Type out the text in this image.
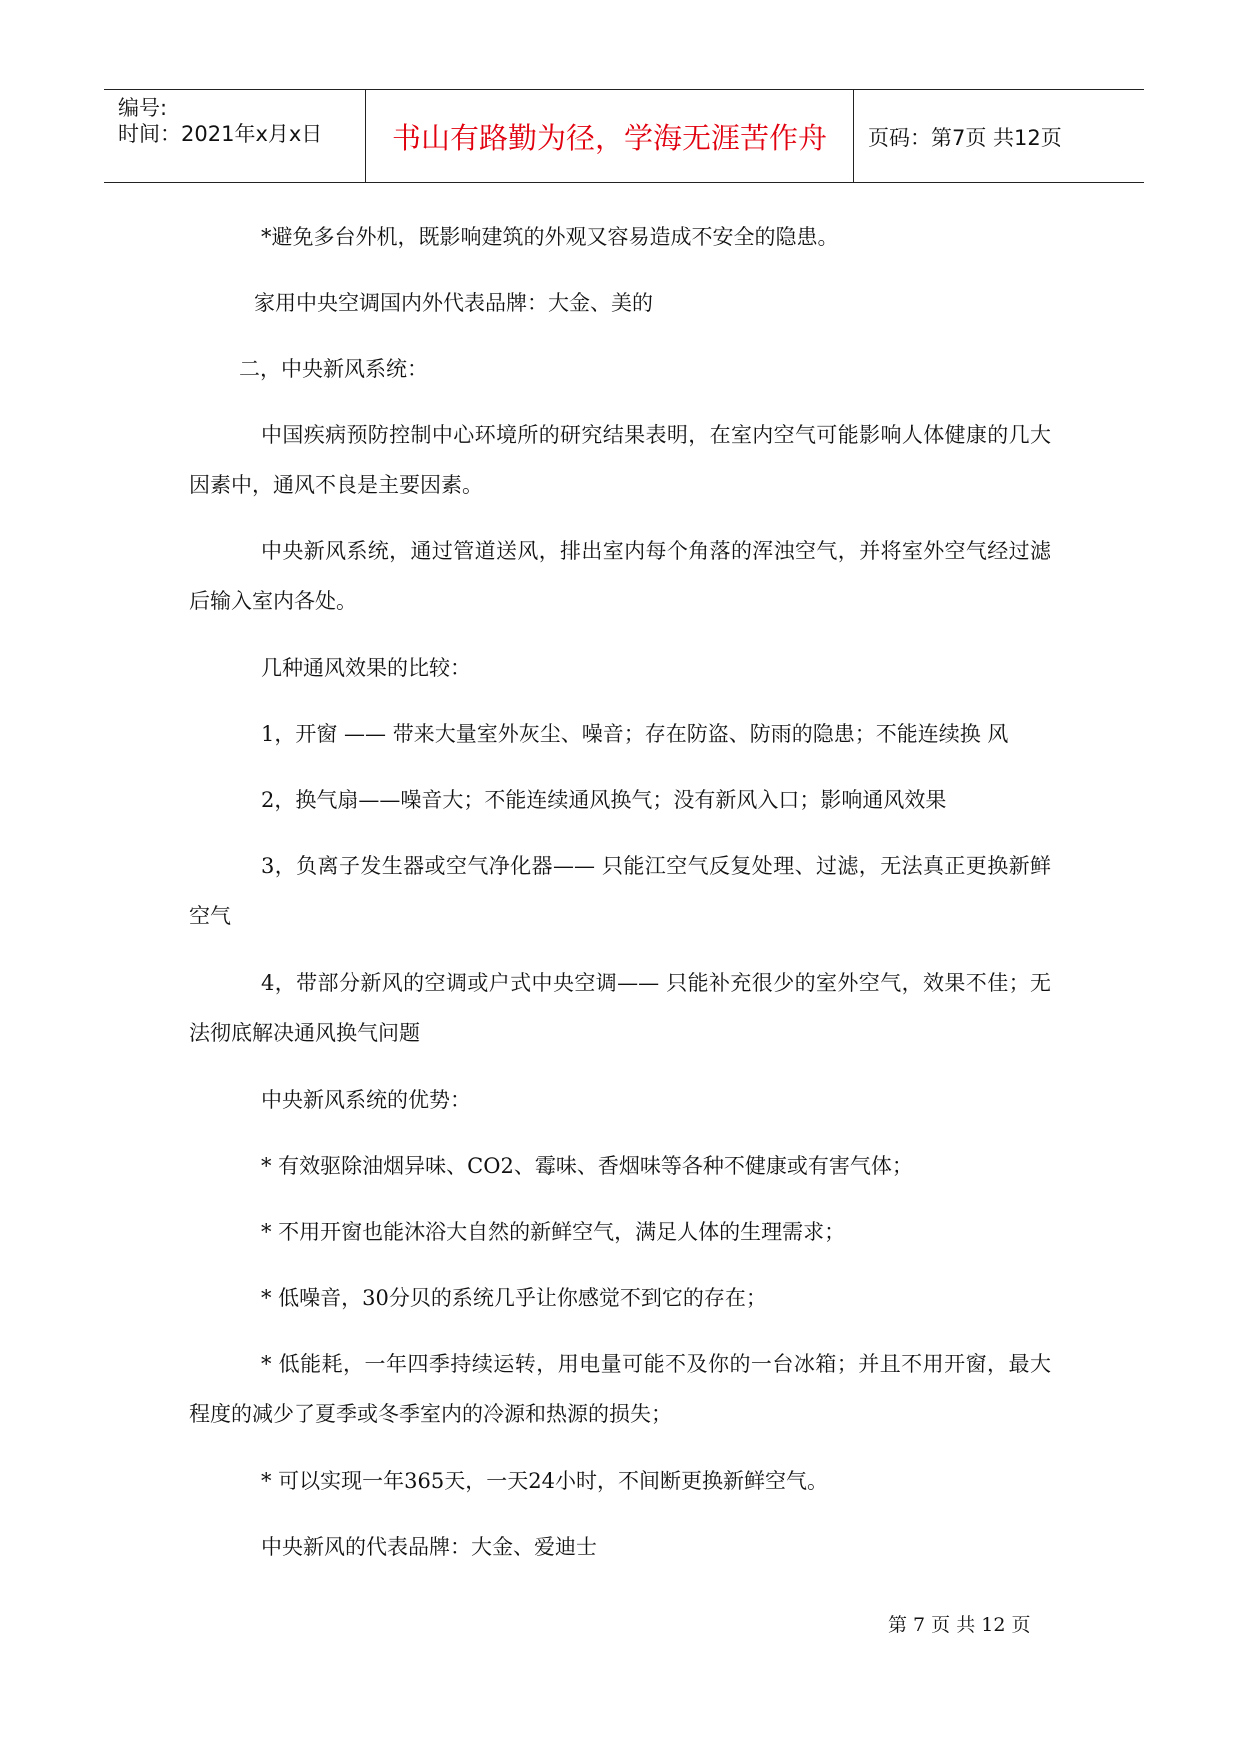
编号:
时间：2021年x月x日	书山有路勤为径，学海无涯苦作舟	页码：第7页 共12页

*避免多台外机，既影响建筑的外观又容易造成不安全的隐患。

家用中央空调国内外代表品牌：大金、美的

二，中央新风系统：

中国疾病预防控制中心环境所的研究结果表明，在室内空气可能影响人体健康的几大因素中，通风不良是主要因素。

中央新风系统，通过管道送风，排出室内每个角落的浑浊空气，并将室外空气经过滤后输入室内各处。

几种通风效果的比较：

1，开窗 —— 带来大量室外灰尘、噪音；存在防盗、防雨的隐患；不能连续换 风

2，换气扇——噪音大；不能连续通风换气；没有新风入口；影响通风效果

3，负离子发生器或空气净化器—— 只能江空气反复处理、过滤，无法真正更换新鲜空气

4，带部分新风的空调或户式中央空调—— 只能补充很少的室外空气，效果不佳；无法彻底解决通风换气问题

中央新风系统的优势：

* 有效驱除油烟异味、CO2、霉味、香烟味等各种不健康或有害气体；

* 不用开窗也能沐浴大自然的新鲜空气，满足人体的生理需求；

* 低噪音，30分贝的系统几乎让你感觉不到它的存在；

* 低能耗，一年四季持续运转，用电量可能不及你的一台冰箱；并且不用开窗，最大程度的减少了夏季或冬季室内的冷源和热源的损失；

* 可以实现一年365天，一天24小时，不间断更换新鲜空气。

中央新风的代表品牌：大金、爱迪士

第 7 页 共 12 页
